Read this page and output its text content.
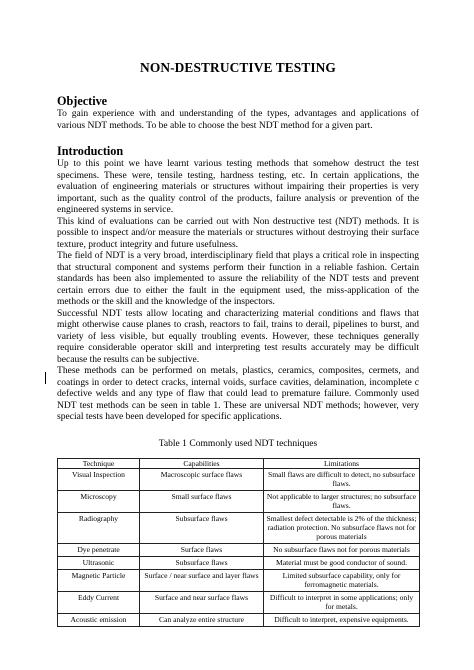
NON-DESTRUCTIVE TESTING
Objective

To gain experience with and understanding of the types, advantages and applications of various NDT methods. To be able to choose the best NDT method for a given part.

Introduction

Up to this point we have learnt various testing methods that somehow destruct the test specimens. These were, tensile testing, hardness testing, etc. In certain applications, the evaluation of engineering materials or structures without impairing their properties is very important, such as the quality control of the products, failure analysis or prevention of the engineered systems in service.

This kind of evaluations can be carried out with Non destructive test (NDT) methods. It is possible to inspect and/or measure the materials or structures without destroying their surface texture, product integrity and future usefulness.

The field of NDT is a very broad, interdisciplinary field that plays a critical role in inspecting that structural component and systems perform their function in a reliable fashion. Certain standards has been also implemented to assure the reliability of the NDT tests and prevent certain errors due to either the fault in the equipment used, the miss-application of the methods or the skill and the knowledge of the inspectors.

Successful NDT tests allow locating and characterizing material conditions and flaws that might otherwise cause planes to crash, reactors to fail, trains to derail, pipelines to burst, and variety of less visible, but equally troubling events. However, these techniques generally require considerable operator skill and interpreting test results accurately may be difficult because the results can be subjective.

These methods can be performed on metals, plastics, ceramics, composites, cermets, and coatings in order to detect cracks, internal voids, surface cavities, delamination, incomplete c defective welds and any type of flaw that could lead to premature failure. Commonly used NDT test methods can be seen in table 1. These are universal NDT methods; however, very special tests have been developed for specific applications.

Table 1 Commonly used NDT techniques
Technique	Capabilities	Limitations
Visual Inspection	Macroscopic surface flaws	Small flaws are difficult to detect, no subsurface flaws.
Microscopy	Small surface flaws	Not applicable to larger structures; no subsurface flaws.
Radiography	Subsurface flaws	Smallest defect detectable is 2% of the thickness; radiation protection. No subsurface flaws not for porous materials
Dye penetrate	Surface flaws	No subsurface flaws not for porous materials
Ultrasonic	Subsurface flaws	Material must be good conductor of sound.
Magnetic Particle	Surface / near surface and layer flaws	Limited subsurface capability, only for ferromagnetic materials.
Eddy Current	Surface and near surface flaws	Difficult to interpret in some applications; only for metals.
Acoustic emission	Can analyze entire structure	Difficult to interpret, expensive equipments.
